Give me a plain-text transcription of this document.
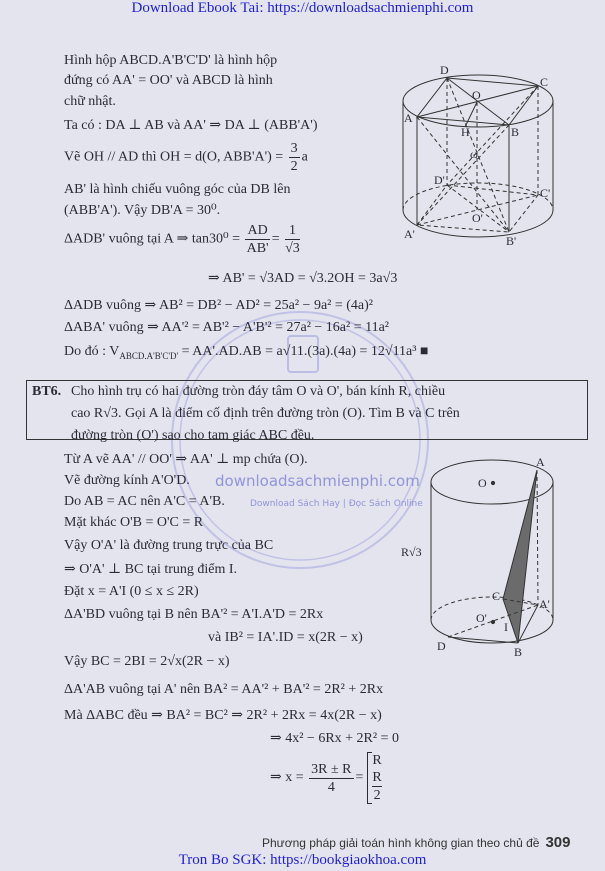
Download Ebook Tai: https://downloadsachmienphi.com
downloadsachmienphi.com
Download Sách Hay | Đọc Sách Online
Hình hộp ABCD.A'B'C'D' là hình hộp
đứng có AA' = OO' và ABCD là hình
chữ nhật.
Ta có : DA ⊥ AB và AA' ⇒ DA ⊥ (ABB'A')
Vẽ OH // AD thì OH = d(O, $ABB'A') = \frac{3}{2}$ a
AB' là hình chiếu vuông góc của DB lên
(ABB'A'). Vậy DB'A = 30⁰.
ΔADB' vuông tại A ⇒ $\tan 30^0 = \frac{AD}{AB'} = \frac{1}{√3}$
⇒ AB' = √3AD = √3.2OH = 3a√3
ΔADB vuông ⇒ AB² = DB² − AD² = 25a² − 9a² = (4a)²
ΔABA' vuông ⇒ AA'² = AB'² − A'B'² = 27a² − 16a² = 11a²
Do đó : $V_{ABCD.A'B'C'D'} = AA'.AD.AB = a√11.(3a).(4a) = 12√11a^3$ ■
BT6. Cho hình trụ có hai đường tròn đáy tâm O và O', bán kính R, chiều
cao R√3. Gọi A là điểm cố định trên đường tròn (O). Tìm B và C trên
đường tròn (O') sao cho tam giác ABC đều.
Từ A vẽ AA' // OO' ⇒ AA' ⊥ mp chứa (O).
Vẽ đường kính A'O'D.
Do AB = AC nên A'C = A'B.
Mặt khác O'B = O'C = R
Vậy O'A' là đường trung trực của BC
⇒ O'A' ⊥ BC tại trung điểm I.
Đặt x = A'I (0 ≤ x ≤ 2R)
ΔA'BD vuông tại B nên BA'² = A'I.A'D = 2Rx
và IB² = IA'.ID = x(2R − x)
Vậy BC = 2BI = 2√x(2R − x)
ΔA'AB vuông tại A' nên BA² = AA'² + BA'² = 2R² + 2Rx
Mà ΔABC đều ⇒ BA² = BC² ⇒ 2R² + 2Rx = 4x(2R − x)
⇒ 4x² − 6Rx + 2R² = 0
⇒ $x = \frac{3R \pm R}{4}$ =
R
R
2
D
C
O
A
H	B
ω
D'
C'
O'
A'	B'
A
O
R√3
C
A'
O'
I
D	B
Phương pháp giải toán hình không gian theo chủ đề 309
Tron Bo SGK: https://bookgiaokhoa.com
